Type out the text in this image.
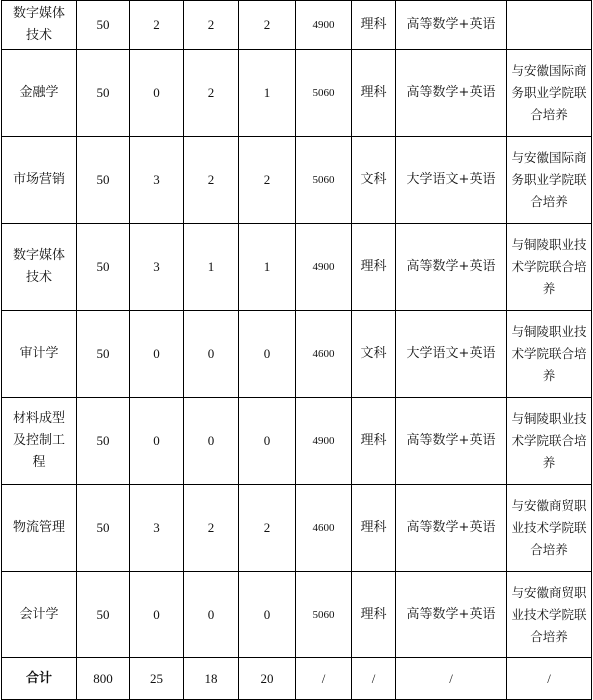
数字媒体技术	50	2	2	2	4900	理科	高等数学+英语	
金融学	50	0	2	1	5060	理科	高等数学+英语	与安徽国际商务职业学院联合培养
市场营销	50	3	2	2	5060	文科	大学语文+英语	与安徽国际商务职业学院联合培养
数字媒体技术	50	3	1	1	4900	理科	高等数学+英语	与铜陵职业技术学院联合培养
审计学	50	0	0	0	4600	文科	大学语文+英语	与铜陵职业技术学院联合培养
材料成型及控制工程	50	0	0	0	4900	理科	高等数学+英语	与铜陵职业技术学院联合培养
物流管理	50	3	2	2	4600	理科	高等数学+英语	与安徽商贸职业技术学院联合培养
会计学	50	0	0	0	5060	理科	高等数学+英语	与安徽商贸职业技术学院联合培养
合计	800	25	18	20	/	/	/	/
